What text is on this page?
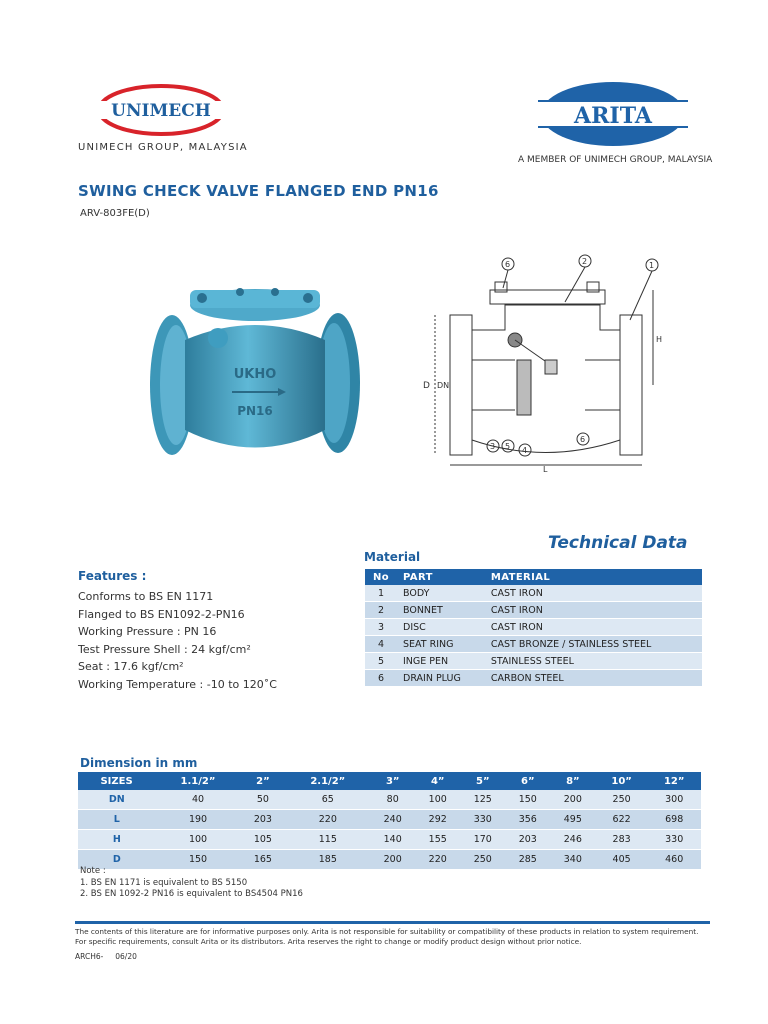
UNIMECH
UNIMECH GROUP, MALAYSIA
ARITA
A MEMBER OF UNIMECH GROUP, MALAYSIA
SWING CHECK VALVE FLANGED END PN16
ARV-803FE(D)
UKHO
PN16
D DN
H
L
6	2	1
3 5 4
6
Technical Data
Material
Features :
Conforms to BS EN 1171
Flanged to BS EN1092-2-PN16
Working Pressure : PN 16
Test Pressure Shell : 24 kgf/cm²
Seat : 17.6 kgf/cm²
Working Temperature : -10 to 120˚C
No	PART	MATERIAL
1	BODY	CAST IRON
2	BONNET	CAST IRON
3	DISC	CAST IRON
4	SEAT RING	CAST BRONZE / STAINLESS STEEL
5	INGE PEN	STAINLESS STEEL
6	DRAIN PLUG	CARBON STEEL
Dimension in mm
SIZES	1.1/2”	2”	2.1/2”	3”	4”	5”	6”	8”	10”	12”
DN	40	50	65	80	100	125	150	200	250	300
L	190	203	220	240	292	330	356	495	622	698
H	100	105	115	140	155	170	203	246	283	330
D	150	165	185	200	220	250	285	340	405	460
Note :
1. BS EN 1171 is equivalent to BS 5150
2. BS EN 1092-2 PN16 is equivalent to BS4504 PN16
The contents of this literature are for informative purposes only. Arita is not responsible for suitability or compatibility of these products in relation to system requirement.
For specific requirements, consult Arita or its distributors. Arita reserves the right to change or modify product design without prior notice.
ARCH6-     06/20
